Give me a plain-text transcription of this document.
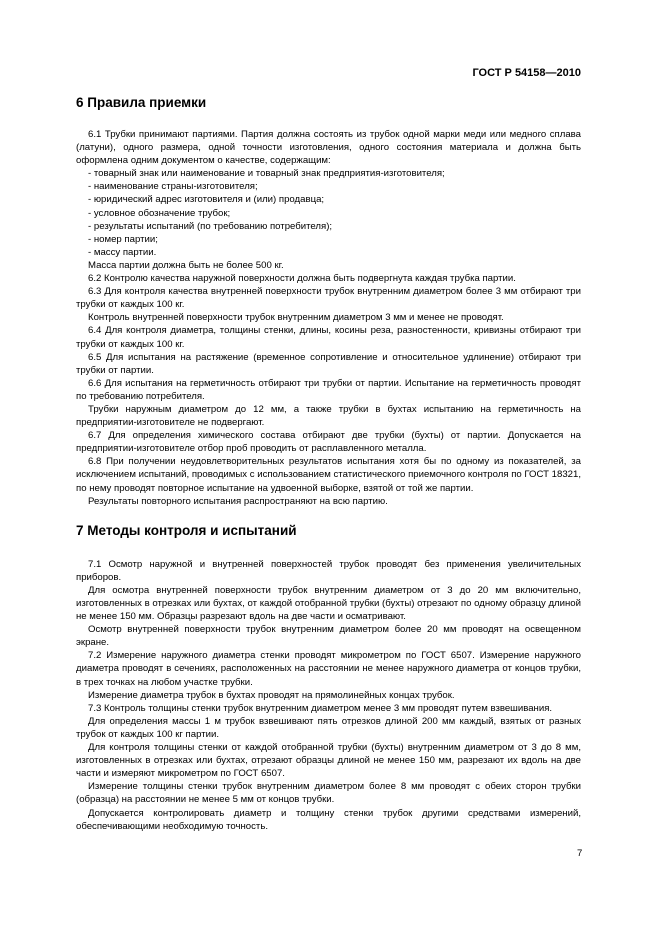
ГОСТ Р 54158—2010
6 Правила приемки

6.1 Трубки принимают партиями. Партия должна состоять из трубок одной марки меди или медного сплава (латуни), одного размера, одной точности изготовления, одного состояния материала и должна быть оформлена одним документом о качестве, содержащим:

- товарный знак или наименование и товарный знак предприятия-изготовителя;

- наименование страны-изготовителя;

- юридический адрес изготовителя и (или) продавца;

- условное обозначение трубок;

- результаты испытаний (по требованию потребителя);

- номер партии;

- массу партии.

Масса партии должна быть не более 500 кг.

6.2 Контролю качества наружной поверхности должна быть подвергнута каждая трубка партии.

6.3 Для контроля качества внутренней поверхности трубок внутренним диаметром более 3 мм отбирают три трубки от каждых 100 кг.

Контроль внутренней поверхности трубок внутренним диаметром 3 мм и менее не проводят.

6.4 Для контроля диаметра, толщины стенки, длины, косины реза, разностенности, кривизны отбирают три трубки от каждых 100 кг.

6.5 Для испытания на растяжение (временное сопротивление и относительное удлинение) отбирают три трубки от партии.

6.6 Для испытания на герметичность отбирают три трубки от партии. Испытание на герметичность проводят по требованию потребителя.

Трубки наружным диаметром до 12 мм, а также трубки в бухтах испытанию на герметичность на предприятии-изготовителе не подвергают.

6.7 Для определения химического состава отбирают две трубки (бухты) от партии. Допускается на предприятии-изготовителе отбор проб проводить от расплавленного металла.

6.8 При получении неудовлетворительных результатов испытания хотя бы по одному из показателей, за исключением испытаний, проводимых с использованием статистического приемочного контроля по ГОСТ 18321, по нему проводят повторное испытание на удвоенной выборке, взятой от той же партии.

Результаты повторного испытания распространяют на всю партию.

7 Методы контроля и испытаний

7.1 Осмотр наружной и внутренней поверхностей трубок проводят без применения увеличительных приборов.

Для осмотра внутренней поверхности трубок внутренним диаметром от 3 до 20 мм включительно, изготовленных в отрезках или бухтах, от каждой отобранной трубки (бухты) отрезают по одному образцу длиной не менее 150 мм. Образцы разрезают вдоль на две части и осматривают.

Осмотр внутренней поверхности трубок внутренним диаметром более 20 мм проводят на освещенном экране.

7.2 Измерение наружного диаметра стенки проводят микрометром по ГОСТ 6507. Измерение наружного диаметра проводят в сечениях, расположенных на расстоянии не менее наружного диаметра от концов трубки, в трех точках на любом участке трубки.

Измерение диаметра трубок в бухтах проводят на прямолинейных концах трубок.

7.3 Контроль толщины стенки трубок внутренним диаметром менее 3 мм проводят путем взвешивания.

Для определения массы 1 м трубок взвешивают пять отрезков длиной 200 мм каждый, взятых от разных трубок от каждых 100 кг партии.

Для контроля толщины стенки от каждой отобранной трубки (бухты) внутренним диаметром от 3 до 8 мм, изготовленных в отрезках или бухтах, отрезают образцы длиной не менее 150 мм, разрезают их вдоль на две части и измеряют микрометром по ГОСТ 6507.

Измерение толщины стенки трубок внутренним диаметром более 8 мм проводят с обеих сторон трубки (образца) на расстоянии не менее 5 мм от концов трубки.

Допускается контролировать диаметр и толщину стенки трубок другими средствами измерений, обеспечивающими необходимую точность.

7
